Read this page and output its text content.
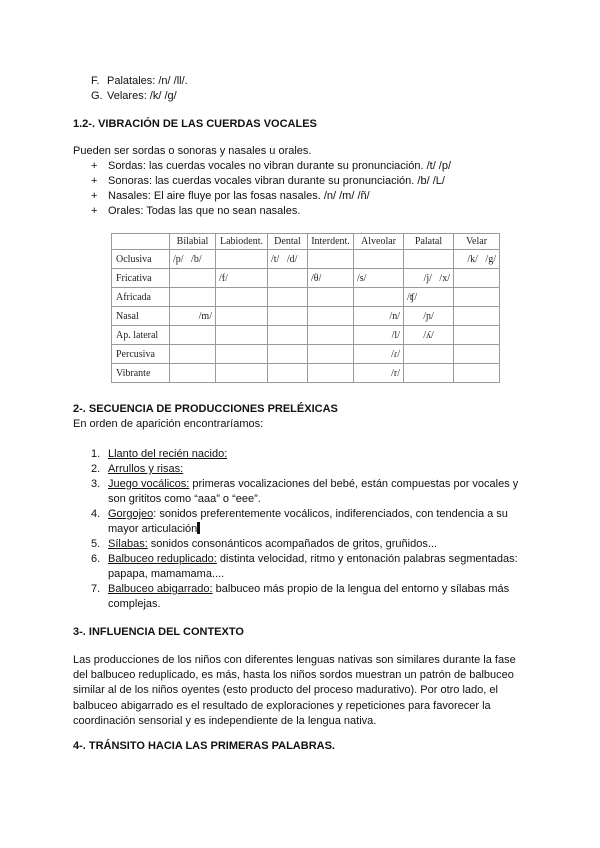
F. Palatales: /n/ /ll/.
G. Velares: /k/ /g/
1.2-. VIBRACIÓN DE LAS CUERDAS VOCALES
Pueden ser sordas o sonoras y nasales u orales.
+ Sordas: las cuerdas vocales no vibran durante su pronunciación. /t/ /p/
+ Sonoras: las cuerdas vocales vibran durante su pronunciación. /b/ /L/
+ Nasales: El aire fluye por las fosas nasales. /n/ /m/ /ñ/
+ Orales: Todas las que no sean nasales.
	Bilabial	Labiodent.	Dental	Interdent.	Alveolar	Palatal	Velar
Oclusiva	/p/   /b/		/t/   /d/				/k/   /g/
Fricativa		/f/		/θ/	/s/	/j/   /x/	
Africada						/ʧ/	
Nasal	/m/				/n/	/ɲ/	
Ap. lateral					/l/	/ʎ/	
Percusiva					/ɾ/		
Vibrante					/r/		
2-. SECUENCIA DE PRODUCCIONES PRELÉXICAS
En orden de aparición encontraríamos:
1. Llanto del recién nacido:
2. Arrullos y risas:
3. Juego vocálicos: primeras vocalizaciones del bebé, están compuestas por vocales y son grititos como “aaa” o “eee”.
4. Gorgojeo: sonidos preferentemente vocálicos, indiferenciados, con tendencia a su mayor articulación
5. Sílabas: sonidos consonánticos acompañados de gritos, gruñidos...
6. Balbuceo reduplicado: distinta velocidad, ritmo y entonación palabras segmentadas: papapa, mamamama....
7. Balbuceo abigarrado: balbuceo más propio de la lengua del entorno y sílabas más complejas.
3-. INFLUENCIA DEL CONTEXTO

Las producciones de los niños con diferentes lenguas nativas son similares durante la fase del balbuceo reduplicado, es más, hasta los niños sordos muestran un patrón de balbuceo similar al de los niños oyentes (esto producto del proceso madurativo). Por otro lado, el balbuceo abigarrado es el resultado de exploraciones y repeticiones para favorecer la coordinación sensorial y es independiente de la lengua nativa.

4-. TRÁNSITO HACIA LAS PRIMERAS PALABRAS.
